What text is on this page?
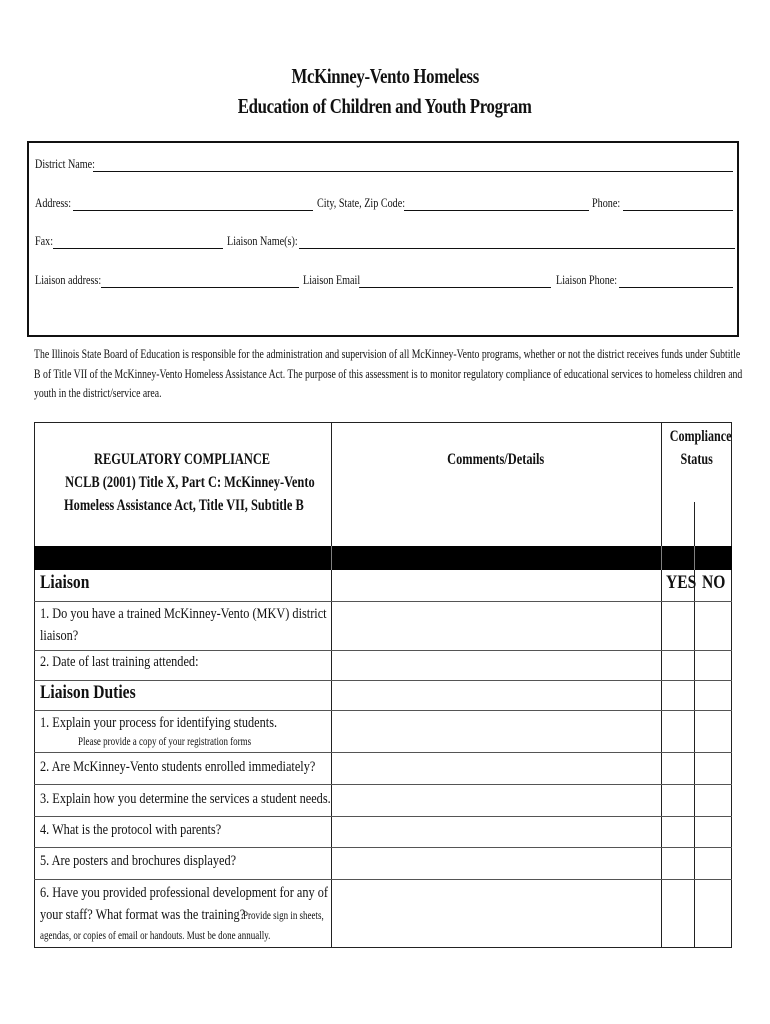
McKinney-Vento Homeless
Education of Children and Youth Program
District Name:
Address:	City, State, Zip Code:	Phone:
Fax:	Liaison Name(s):
Liaison address:	Liaison Email	Liaison Phone:
The Illinois State Board of Education is responsible for the administration and supervision of all McKinney-Vento programs, whether or not the district receives funds under Subtitle B of Title VII of the McKinney-Vento Homeless Assistance Act. The purpose of this assessment is to monitor regulatory compliance of educational services to homeless children and youth in the district/service area.
REGULATORY COMPLIANCE
NCLB (2001) Title X, Part C: McKinney-Vento
Homeless Assistance Act, Title VII, Subtitle B
Comments/Details
Compliance
Status
Liaison	YES NO
1. Do you have a trained McKinney-Vento (MKV) district
liaison?
2. Date of last training attended:
Liaison Duties
1. Explain your process for identifying students.
Please provide a copy of your registration forms
2. Are McKinney-Vento students enrolled immediately?
3. Explain how you determine the services a student needs.
4. What is the protocol with parents?
5. Are posters and brochures displayed?
6. Have you provided professional development for any of
your staff? What format was the training?
Provide sign in sheets,
agendas, or copies of email or handouts. Must be done annually.
